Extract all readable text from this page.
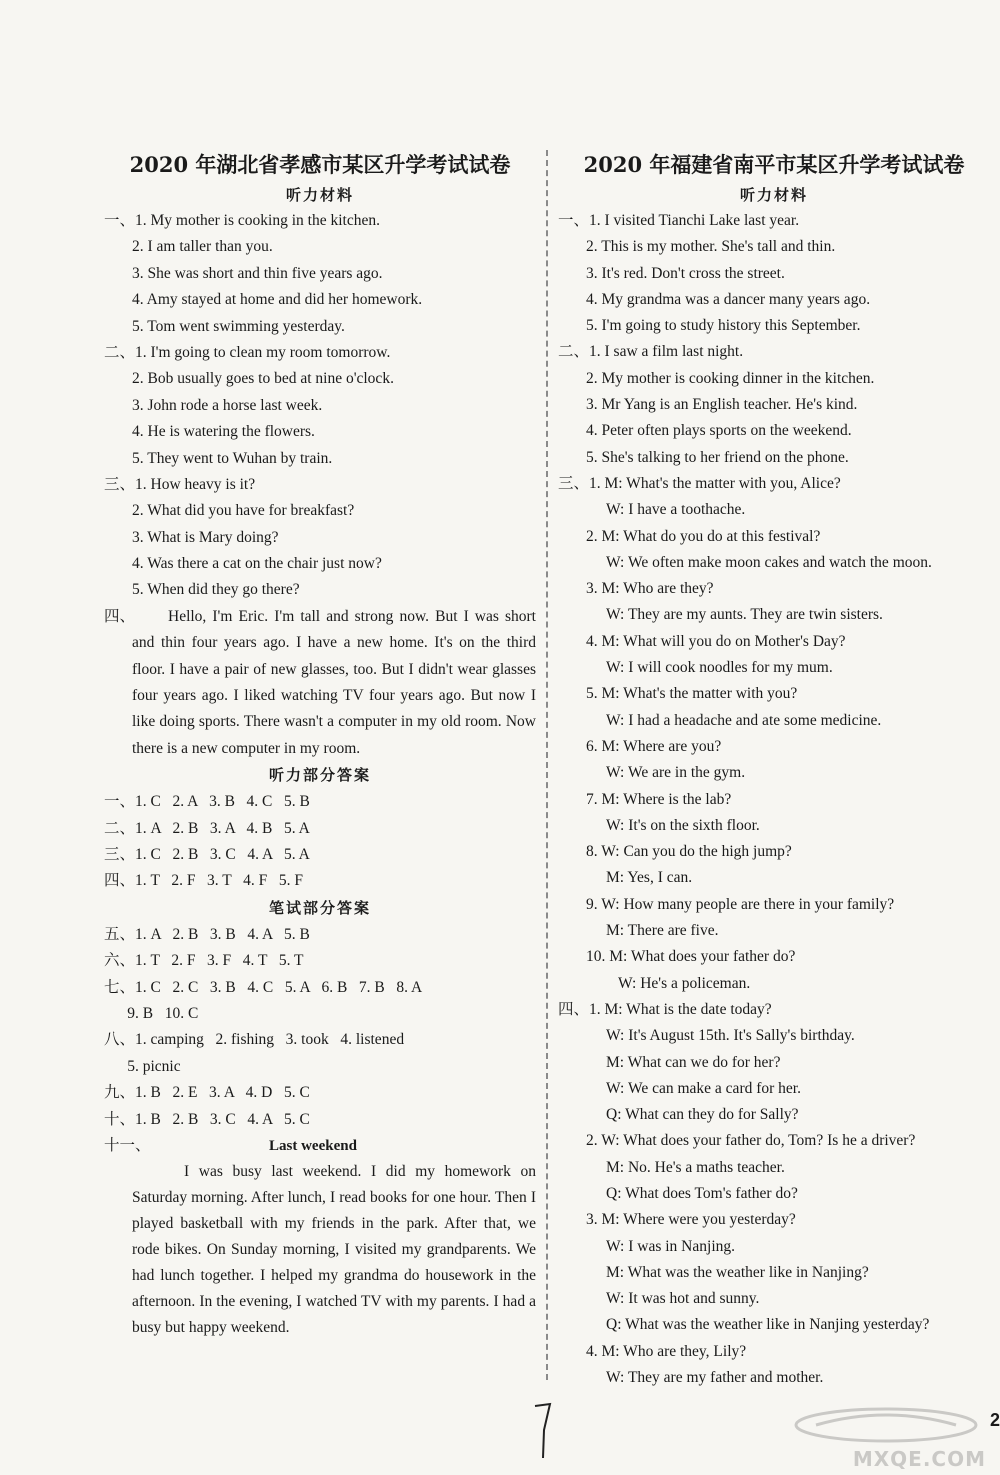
2020 年湖北省孝感市某区升学考试试卷
听力材料
一、1. My mother is cooking in the kitchen.
2. I am taller than you.
3. She was short and thin five years ago.
4. Amy stayed at home and did her homework.
5. Tom went swimming yesterday.
二、1. I'm going to clean my room tomorrow.
2. Bob usually goes to bed at nine o'clock.
3. John rode a horse last week.
4. He is watering the flowers.
5. They went to Wuhan by train.
三、1. How heavy is it?
2. What did you have for breakfast?
3. What is Mary doing?
4. Was there a cat on the chair just now?
5. When did they go there?
四、 Hello, I'm Eric. I'm tall and strong now. But I was short and thin four years ago. I have a new home. It's on the third floor. I have a pair of new glasses, too. But I didn't wear glasses four years ago. I liked watching TV four years ago. But now I like doing sports. There wasn't a computer in my old room. Now there is a new computer in my room.
听力部分答案
一、1. C   2. A   3. B   4. C   5. B
二、1. A   2. B   3. A   4. B   5. A
三、1. C   2. B   3. C   4. A   5. A
四、1. T   2. F   3. T   4. F   5. F
笔试部分答案
五、1. A   2. B   3. B   4. A   5. B
六、1. T   2. F   3. F   4. T   5. T
七、1. C   2. C   3. B   4. C   5. A   6. B   7. B   8. A
9. B   10. C
八、1. camping   2. fishing   3. took   4. listened
5. picnic
九、1. B   2. E   3. A   4. D   5. C
十、1. B   2. B   3. C   4. A   5. C
十一、	Last weekend
I was busy last weekend. I did my homework on Saturday morning. After lunch, I read books for one hour. Then I played basketball with my friends in the park. After that, we rode bikes. On Sunday morning, I visited my grandparents. We had lunch together. I helped my grandma do housework in the afternoon. In the evening, I watched TV with my parents. I had a busy but happy weekend.
2020 年福建省南平市某区升学考试试卷
听力材料
一、1. I visited Tianchi Lake last year.
2. This is my mother. She's tall and thin.
3. It's red. Don't cross the street.
4. My grandma was a dancer many years ago.
5. I'm going to study history this September.
二、1. I saw a film last night.
2. My mother is cooking dinner in the kitchen.
3. Mr Yang is an English teacher. He's kind.
4. Peter often plays sports on the weekend.
5. She's talking to her friend on the phone.
三、1. M: What's the matter with you, Alice?
W: I have a toothache.
2. M: What do you do at this festival?
W: We often make moon cakes and watch the moon.
3. M: Who are they?
W: They are my aunts. They are twin sisters.
4. M: What will you do on Mother's Day?
W: I will cook noodles for my mum.
5. M: What's the matter with you?
W: I had a headache and ate some medicine.
6. M: Where are you?
W: We are in the gym.
7. M: Where is the lab?
W: It's on the sixth floor.
8. W: Can you do the high jump?
M: Yes, I can.
9. W: How many people are there in your family?
M: There are five.
10. M: What does your father do?
W: He's a policeman.
四、1. M: What is the date today?
W: It's August 15th. It's Sally's birthday.
M: What can we do for her?
W: We can make a card for her.
Q: What can they do for Sally?
2. W: What does your father do, Tom? Is he a driver?
M: No. He's a maths teacher.
Q: What does Tom's father do?
3. M: Where were you yesterday?
W: I was in Nanjing.
M: What was the weather like in Nanjing?
W: It was hot and sunny.
Q: What was the weather like in Nanjing yesterday?
4. M: Who are they, Lily?
W: They are my father and mother.
MXQE.COM
2
